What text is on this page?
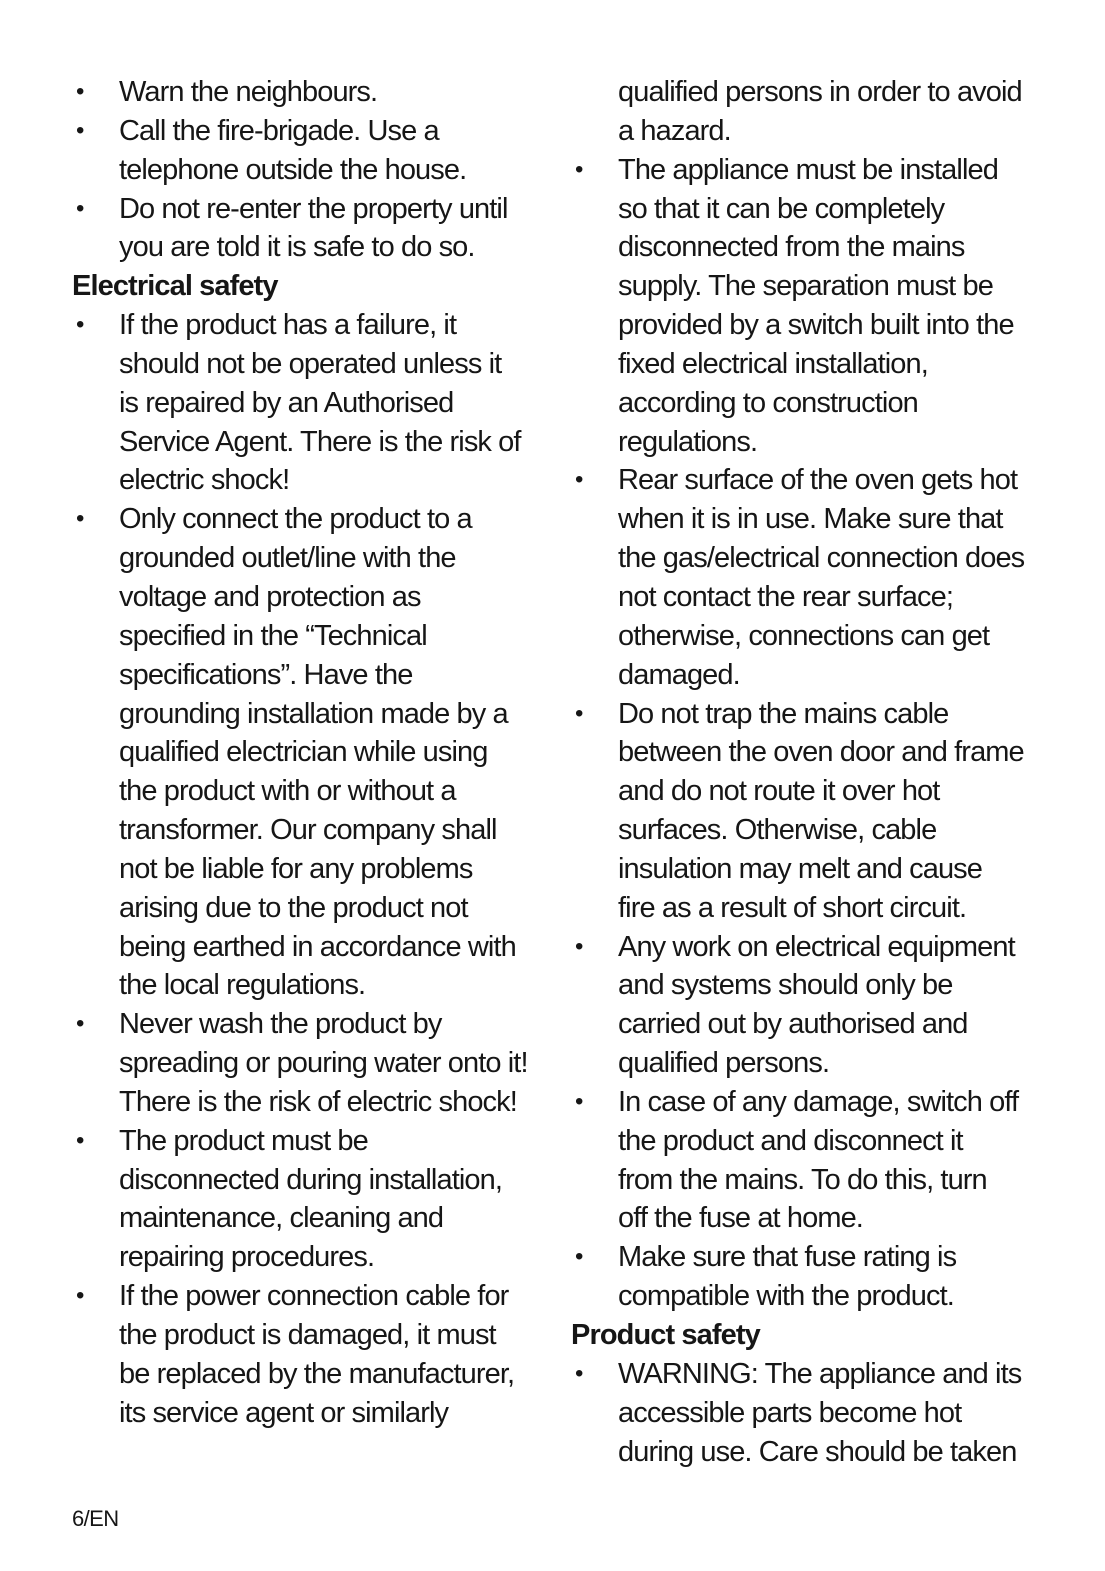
• Warn the neighbours.
• Call the fire-brigade. Use a
telephone outside the house.
• Do not re-enter the property until
you are told it is safe to do so.
Electrical safety
• If the product has a failure, it
should not be operated unless it
is repaired by an Authorised
Service Agent. There is the risk of
electric shock!
• Only connect the product to a
grounded outlet/line with the
voltage and protection as
specified in the “Technical
specifications”. Have the
grounding installation made by a
qualified electrician while using
the product with or without a
transformer. Our company shall
not be liable for any problems
arising due to the product not
being earthed in accordance with
the local regulations.
• Never wash the product by
spreading or pouring water onto it!
There is the risk of electric shock!
• The product must be
disconnected during installation,
maintenance, cleaning and
repairing procedures.
• If the power connection cable for
the product is damaged, it must
be replaced by the manufacturer,
its service agent or similarly
qualified persons in order to avoid
a hazard.
• The appliance must be installed
so that it can be completely
disconnected from the mains
supply. The separation must be
provided by a switch built into the
fixed electrical installation,
according to construction
regulations.
• Rear surface of the oven gets hot
when it is in use. Make sure that
the gas/electrical connection does
not contact the rear surface;
otherwise, connections can get
damaged.
• Do not trap the mains cable
between the oven door and frame
and do not route it over hot
surfaces. Otherwise, cable
insulation may melt and cause
fire as a result of short circuit.
• Any work on electrical equipment
and systems should only be
carried out by authorised and
qualified persons.
• In case of any damage, switch off
the product and disconnect it
from the mains. To do this, turn
off the fuse at home.
• Make sure that fuse rating is
compatible with the product.
Product safety
• WARNING: The appliance and its
accessible parts become hot
during use. Care should be taken
6/EN
